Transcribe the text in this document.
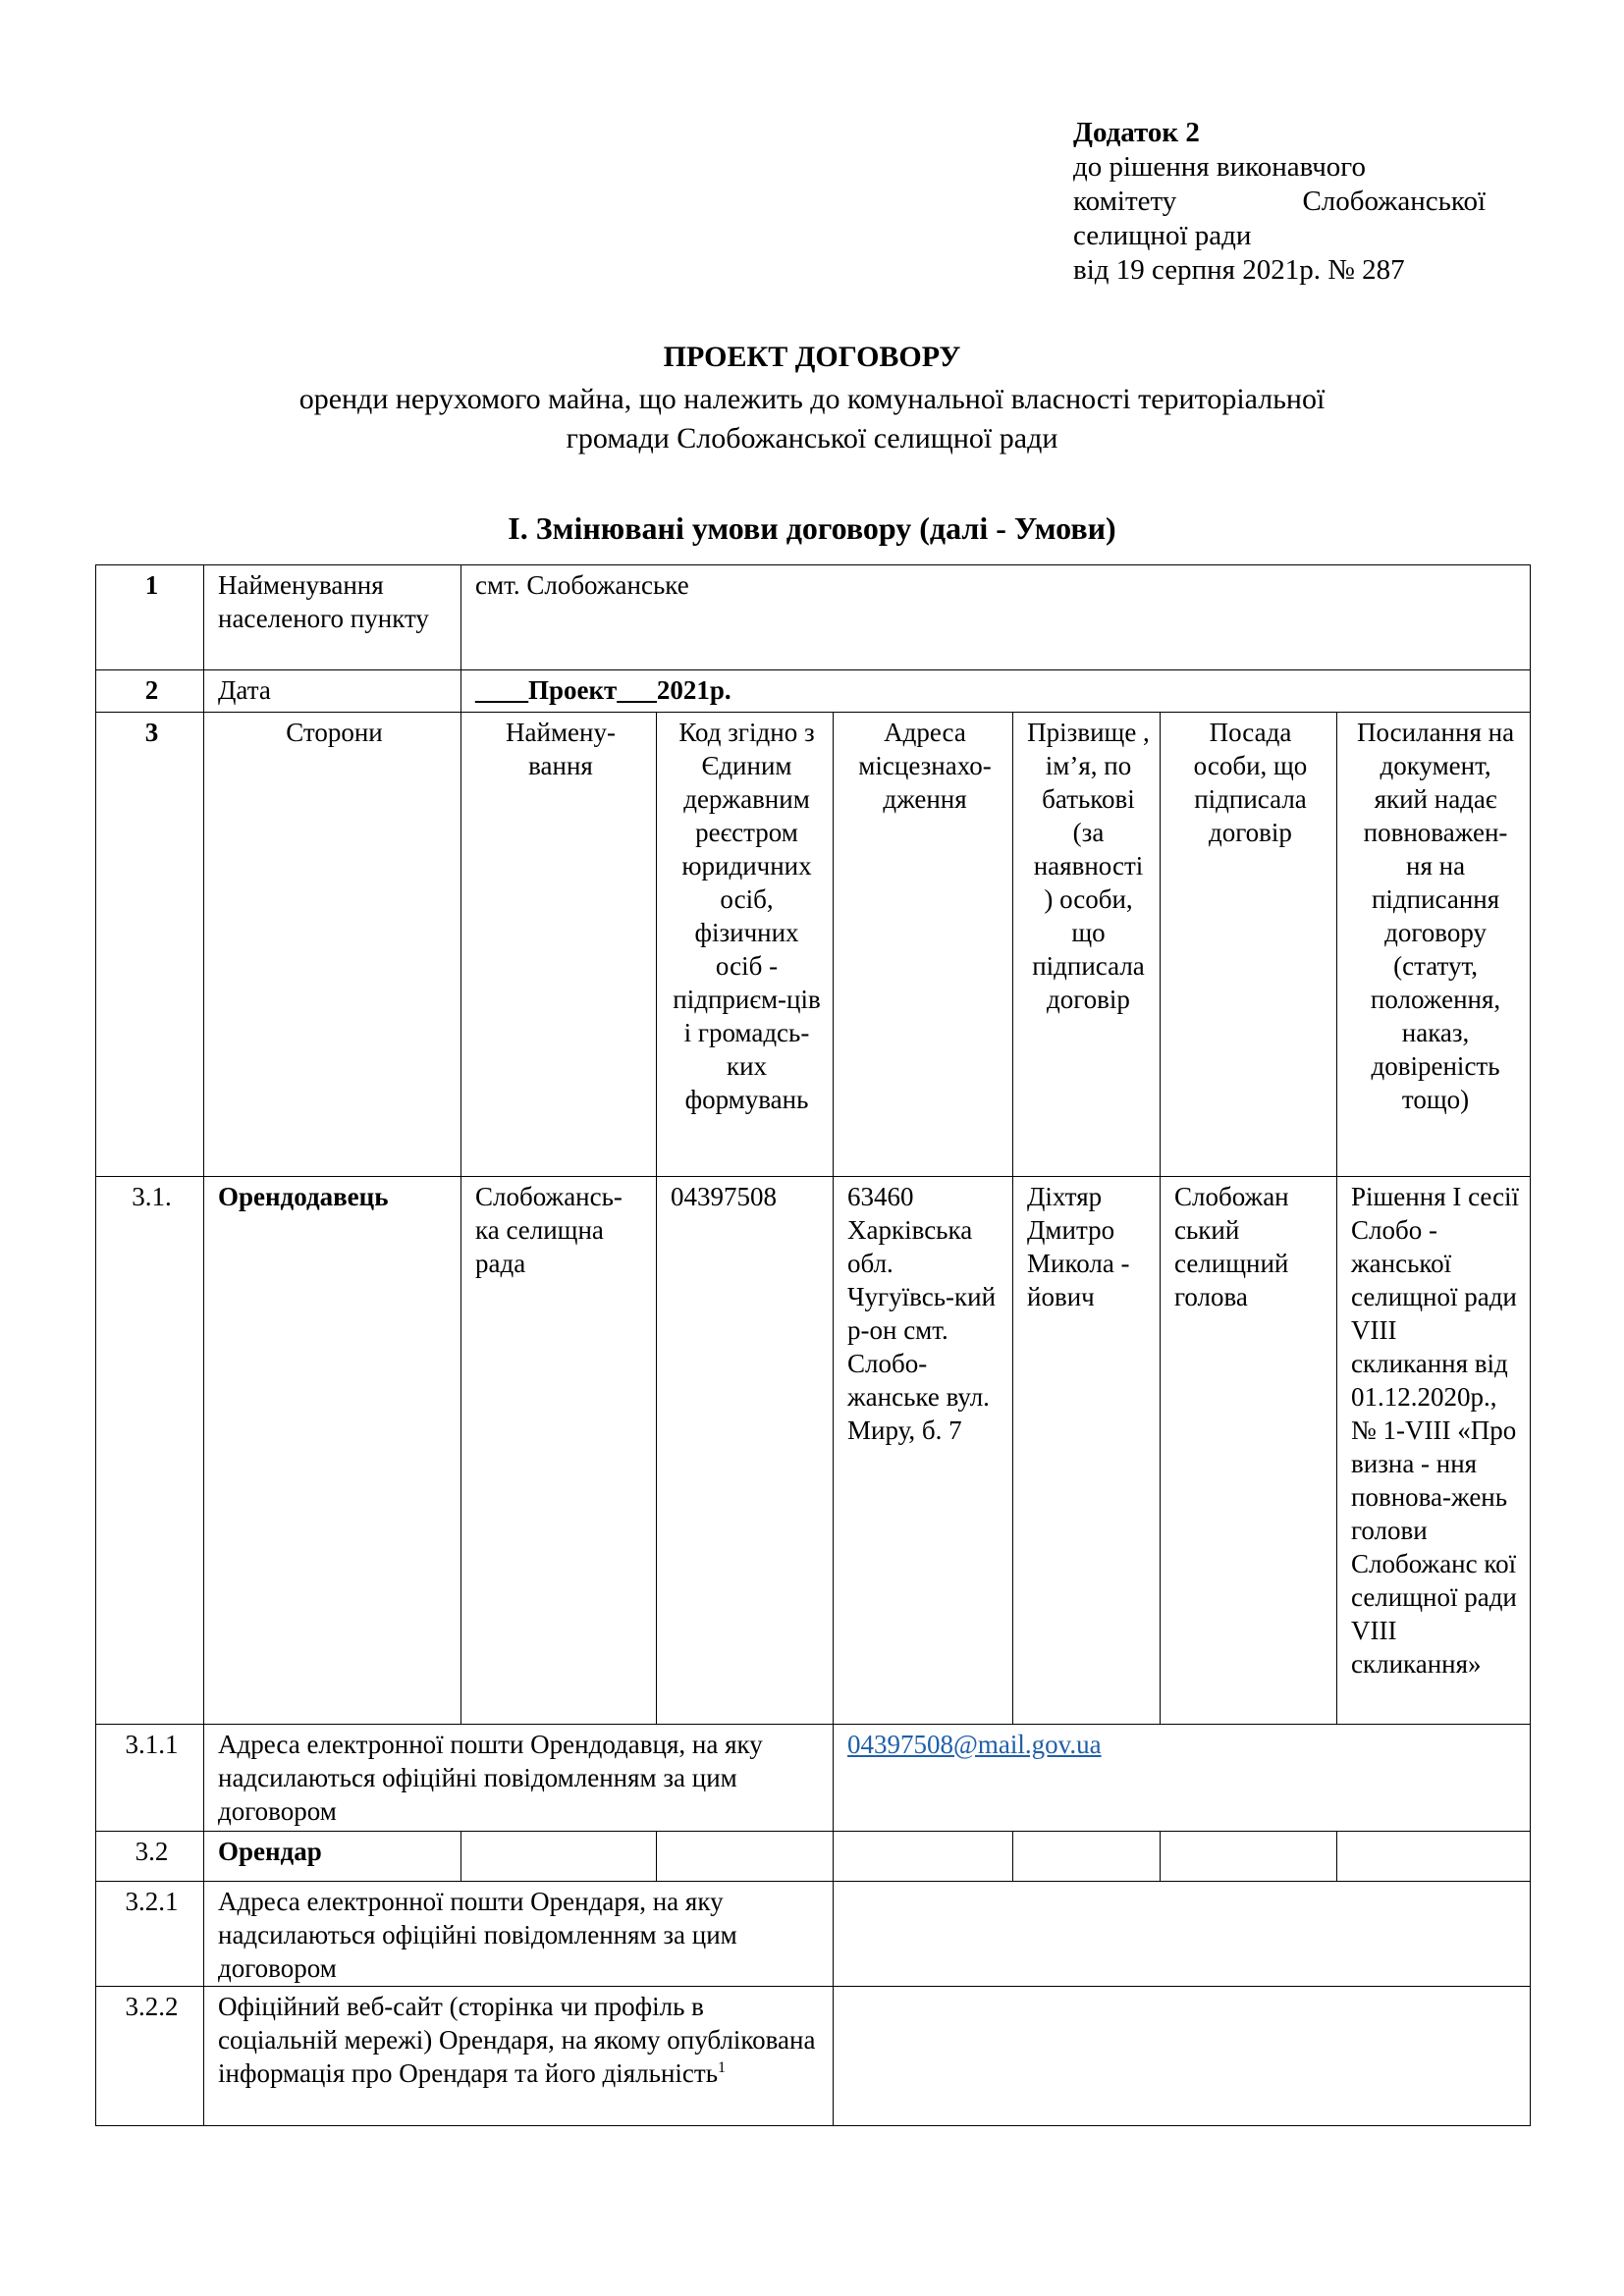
Додаток 2
до рішення виконавчого
комітету	Слобожанської
селищної ради
від 19 серпня 2021р. № 287
ПРОЕКТ ДОГОВОРУ
оренди нерухомого майна, що належить до комунальної власності територіальної
громади Слобожанської селищної ради
І. Змінювані умови договору (далі - Умови)
1	Найменування населеного пункту	смт. Слобожанське					
2	Дата	____Проект___2021р.					
3	Сторони	Наймену-вання	Код згідно з Єдиним державним реєстром юридичних осіб, фізичних осіб - підприєм-ців і громадсь-ких формувань	Адреса місцезнахо-дження	Прізвище , ім’я, по батькові (за наявності ) особи, що підписала договір	Посада особи, що підписала договір	Посилання на документ, який надає повноважен-ня на підписання договору (статут, положення, наказ, довіреність тощо)
3.1.	Орендодавець	Слобожансь-ка селищна рада	04397508	63460 Харківська обл. Чугуївсь-кий р-он смт. Слобо-жанське вул. Миру, б. 7	Діхтяр Дмитро Микола - йович	Слобожан ський селищний голова	Рішення І сесії Слобо - жанської селищної ради VIII скликання від 01.12.2020р., № 1-VIII «Про визна - ння повнова-жень голови Слобожанс кої селищної ради VIII скликання»
3.1.1	Адреса електронної пошти Орендодавця, на яку надсилаються офіційні повідомленням за цим договором			04397508@mail.gov.ua			
3.2	Орендар						
3.2.1	Адреса електронної пошти Орендаря, на яку надсилаються офіційні повідомленням за цим договором						
3.2.2	Офіційний веб-сайт (сторінка чи профіль в соціальній мережі) Орендаря, на якому опублікована інформація про Орендаря та його діяльність$^1$	
